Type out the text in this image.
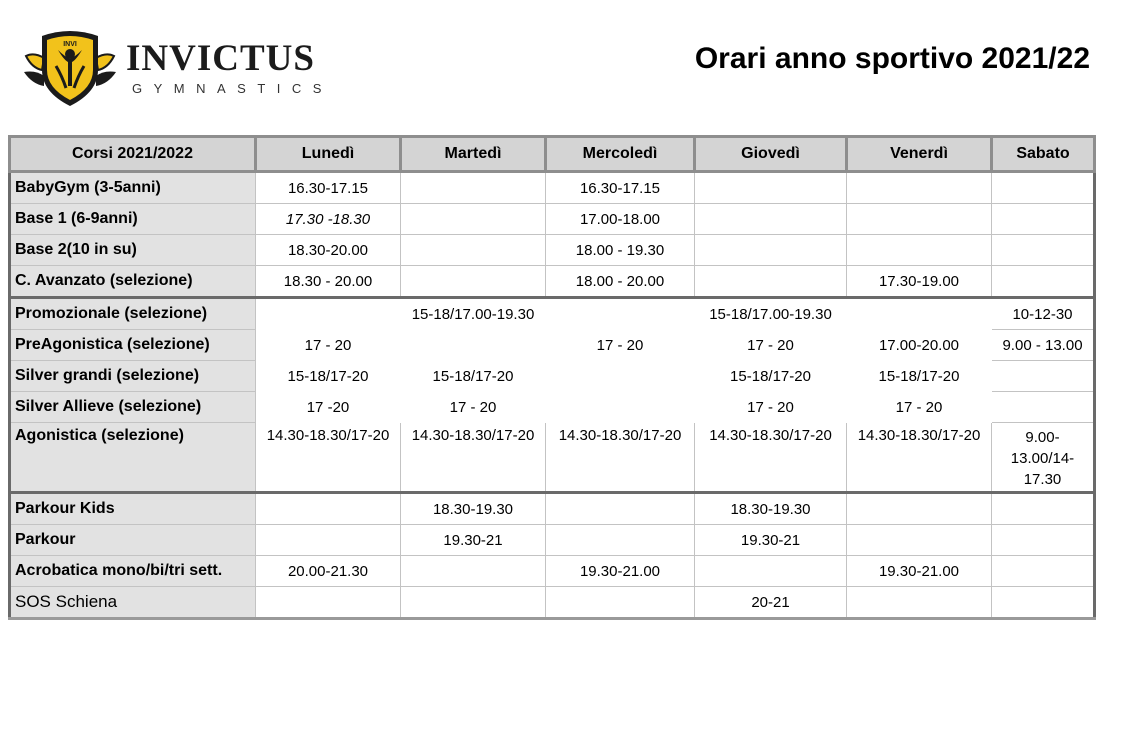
INVI INVICTUS
GYMNASTICS
Orari anno sportivo 2021/22
Corsi 2021/2022	Lunedì	Martedì	Mercoledì	Giovedì	Venerdì	Sabato
BabyGym (3-5anni)	16.30-17.15		16.30-17.15			
Base 1 (6-9anni)	17.30 -18.30		17.00-18.00			
Base 2(10 in su)	18.30-20.00		18.00 - 19.30			
C. Avanzato (selezione)	18.30 - 20.00		18.00 - 20.00		17.30-19.00	
Promozionale (selezione)		15-18/17.00-19.30		15-18/17.00-19.30		10-12-30
PreAgonistica (selezione)	17 - 20		17 - 20	17 - 20	17.00-20.00	9.00 - 13.00
Silver grandi (selezione)	15-18/17-20	15-18/17-20		15-18/17-20	15-18/17-20	
Silver Allieve (selezione)	17 -20	17 - 20		17 - 20	17 - 20	
Agonistica (selezione)	14.30-18.30/17-20	14.30-18.30/17-20	14.30-18.30/17-20	14.30-18.30/17-20	14.30-18.30/17-20	9.00- 13.00/14- 17.30
Parkour Kids		18.30-19.30		18.30-19.30		
Parkour		19.30-21		19.30-21		
Acrobatica mono/bi/tri sett.	20.00-21.30		19.30-21.00		19.30-21.00	
SOS Schiena				20-21		
